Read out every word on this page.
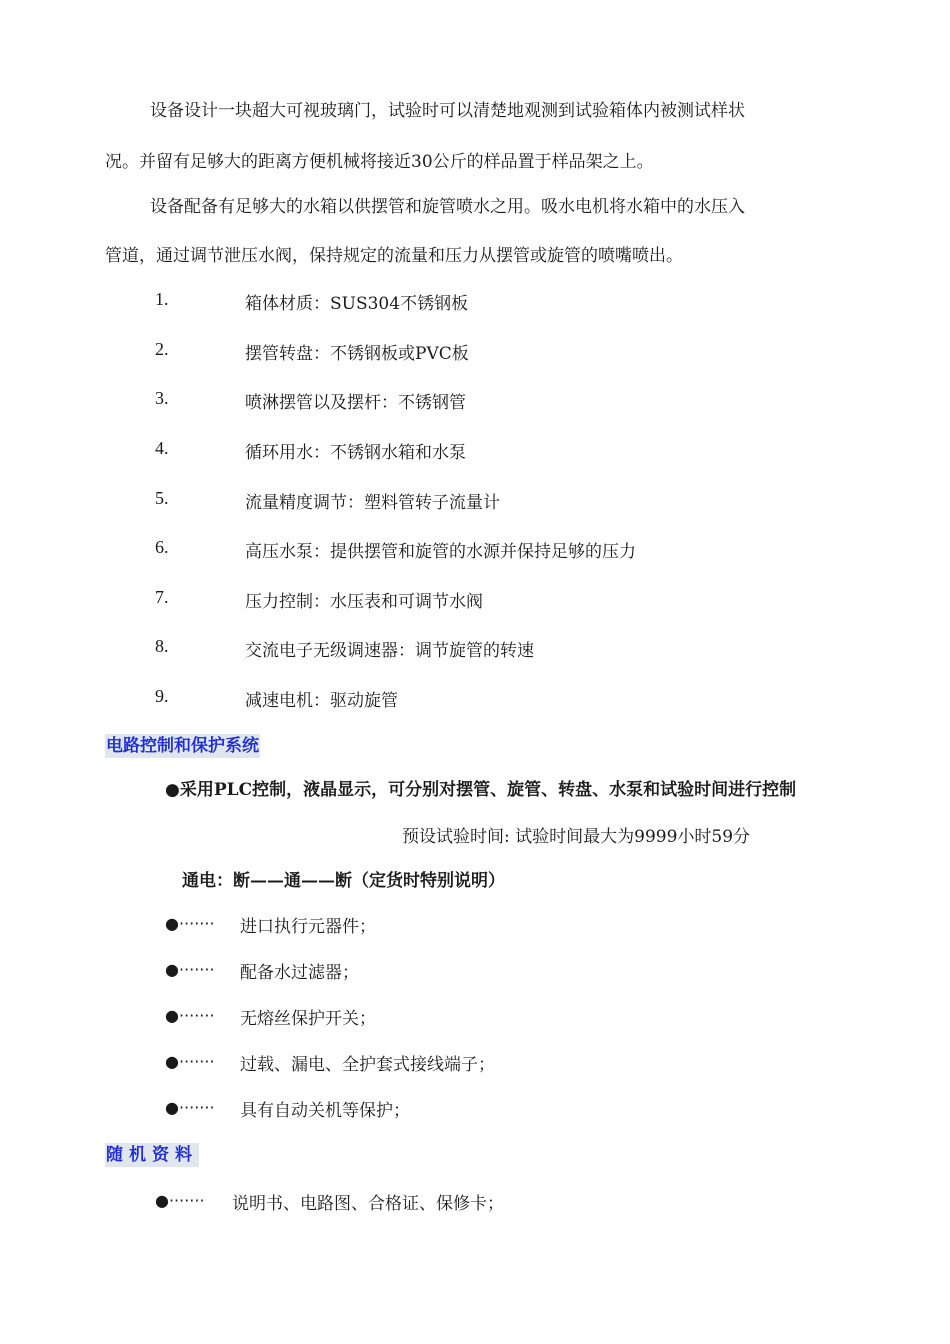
设备设计一块超大可视玻璃门，试验时可以清楚地观测到试验箱体内被测试样状
况。并留有足够大的距离方便机械将接近30公斤的样品置于样品架之上。
设备配备有足够大的水箱以供摆管和旋管喷水之用。吸水电机将水箱中的水压入
管道，通过调节泄压水阀，保持规定的流量和压力从摆管或旋管的喷嘴喷出。
1.	箱体材质：SUS304不锈钢板
2.	摆管转盘：不锈钢板或PVC板
3.	喷淋摆管以及摆杆：不锈钢管
4.	循环用水：不锈钢水箱和水泵
5.	流量精度调节：塑料管转子流量计
6.	高压水泵：提供摆管和旋管的水源并保持足够的压力
7.	压力控制：水压表和可调节水阀
8.	交流电子无级调速器：调节旋管的转速
9.	减速电机：驱动旋管
电路控制和保护系统
●采用PLC控制，液晶显示，可分别对摆管、旋管、转盘、水泵和试验时间进行控制
预设试验时间: 试验时间最大为9999小时59分
通电：断——通——断（定货时特别说明）
●······· 进口执行元器件；
●······· 配备水过滤器；
●······· 无熔丝保护开关；
●······· 过载、漏电、全护套式接线端子；
●······· 具有自动关机等保护；
随机资料
●······· 说明书、电路图、合格证、保修卡；
